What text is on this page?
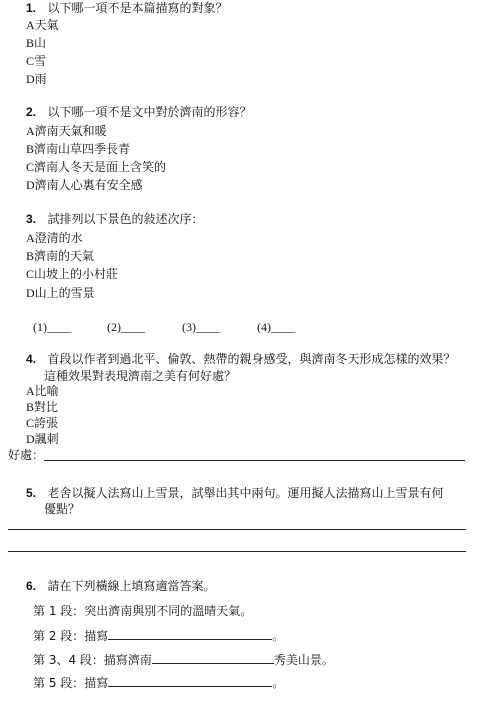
1. 以下哪一項不是本篇描寫的對象？
A天氣
B山
C雪
D雨
2. 以下哪一項不是文中對於濟南的形容？
A濟南天氣和暖
B濟南山草四季長青
C濟南人冬天是面上含笑的
D濟南人心裏有安全感
3. 試排列以下景色的敍述次序：
A澄清的水
B濟南的天氣
C山坡上的小村莊
D山上的雪景
(1)____	(2)____	(3)____	(4)____
4. 首段以作者到過北平、倫敦、熱帶的親身感受，與濟南冬天形成怎樣的效果？
這種效果對表現濟南之美有何好處？
A比喻
B對比
C誇張
D諷刺
好處：
5. 老舍以擬人法寫山上雪景，試舉出其中兩句。運用擬人法描寫山上雪景有何
優點？
6. 請在下列橫線上填寫適當答案。
第 1 段：突出濟南與別不同的溫晴天氣。
第 2 段：描寫	。
第 3、4 段：描寫濟南	秀美山景。
第 5 段：描寫	。
